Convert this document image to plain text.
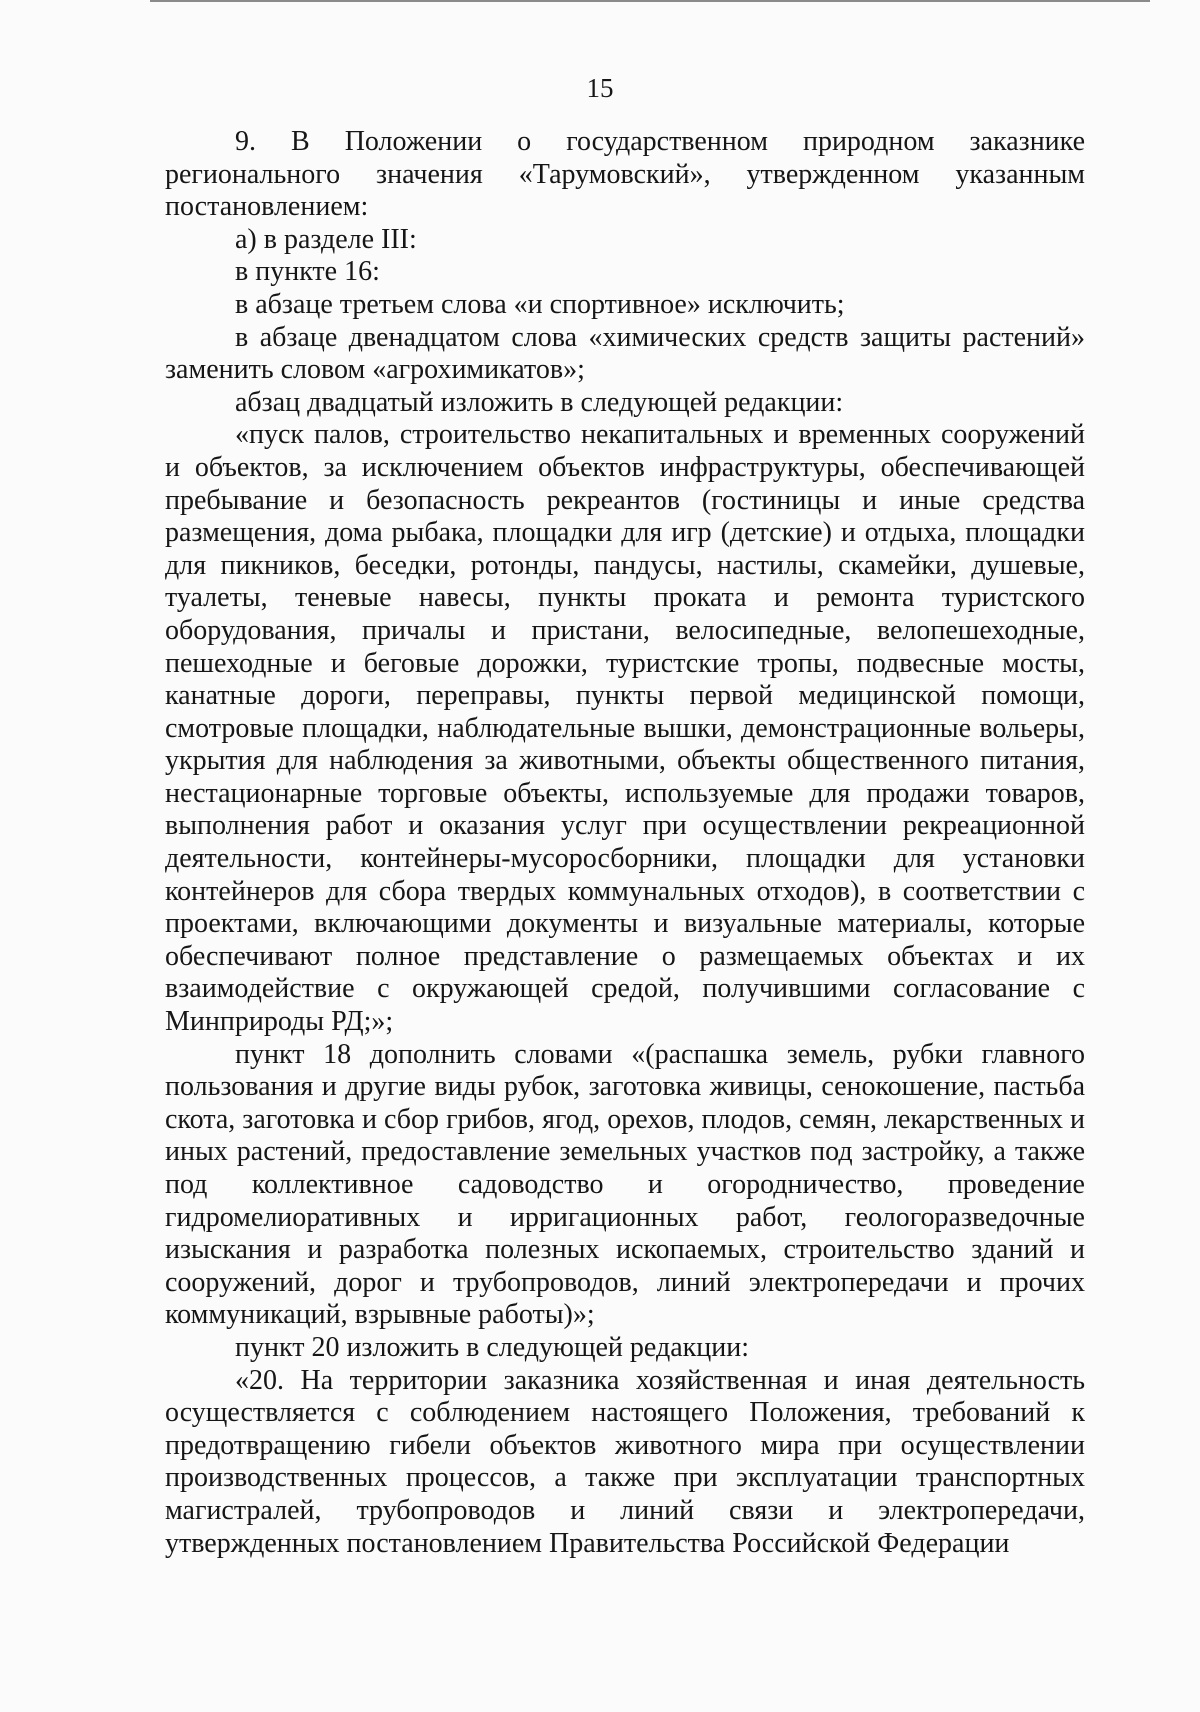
15

9. В Положении о государственном природном заказнике регионального значения «Тарумовский», утвержденном указанным постановлением:

а) в разделе III:

в пункте 16:

в абзаце третьем слова «и спортивное» исключить;

в абзаце двенадцатом слова «химических средств защиты растений» заменить словом «агрохимикатов»;

абзац двадцатый изложить в следующей редакции:

«пуск палов, строительство некапитальных и временных сооружений и объектов, за исключением объектов инфраструктуры, обеспечивающей пребывание и безопасность рекреантов (гостиницы и иные средства размещения, дома рыбака, площадки для игр (детские) и отдыха, площадки для пикников, беседки, ротонды, пандусы, настилы, скамейки, душевые, туалеты, теневые навесы, пункты проката и ремонта туристского оборудования, причалы и пристани, велосипедные, велопешеходные, пешеходные и беговые дорожки, туристские тропы, подвесные мосты, канатные дороги, переправы, пункты первой медицинской помощи, смотровые площадки, наблюдательные вышки, демонстрационные вольеры, укрытия для наблюдения за животными, объекты общественного питания, нестационарные торговые объекты, используемые для продажи товаров, выполнения работ и оказания услуг при осуществлении рекреационной деятельности, контейнеры-мусоросборники, площадки для установки контейнеров для сбора твердых коммунальных отходов), в соответствии с проектами, включающими документы и визуальные материалы, которые обеспечивают полное представление о размещаемых объектах и их взаимодействие с окружающей средой, получившими согласование с Минприроды РД;»;

пункт 18 дополнить словами «(распашка земель, рубки главного пользования и другие виды рубок, заготовка живицы, сенокошение, пастьба скота, заготовка и сбор грибов, ягод, орехов, плодов, семян, лекарственных и иных растений, предоставление земельных участков под застройку, а также под коллективное садоводство и огородничество, проведение гидромелиоративных и ирригационных работ, геологоразведочные изыскания и разработка полезных ископаемых, строительство зданий и сооружений, дорог и трубопроводов, линий электропередачи и прочих коммуникаций, взрывные работы)»;

пункт 20 изложить в следующей редакции:

«20. На территории заказника хозяйственная и иная деятельность осуществляется с соблюдением настоящего Положения, требований к предотвращению гибели объектов животного мира при осуществлении производственных процессов, а также при эксплуатации транспортных магистралей, трубопроводов и линий связи и электропередачи, утвержденных постановлением Правительства Российской Федерации
